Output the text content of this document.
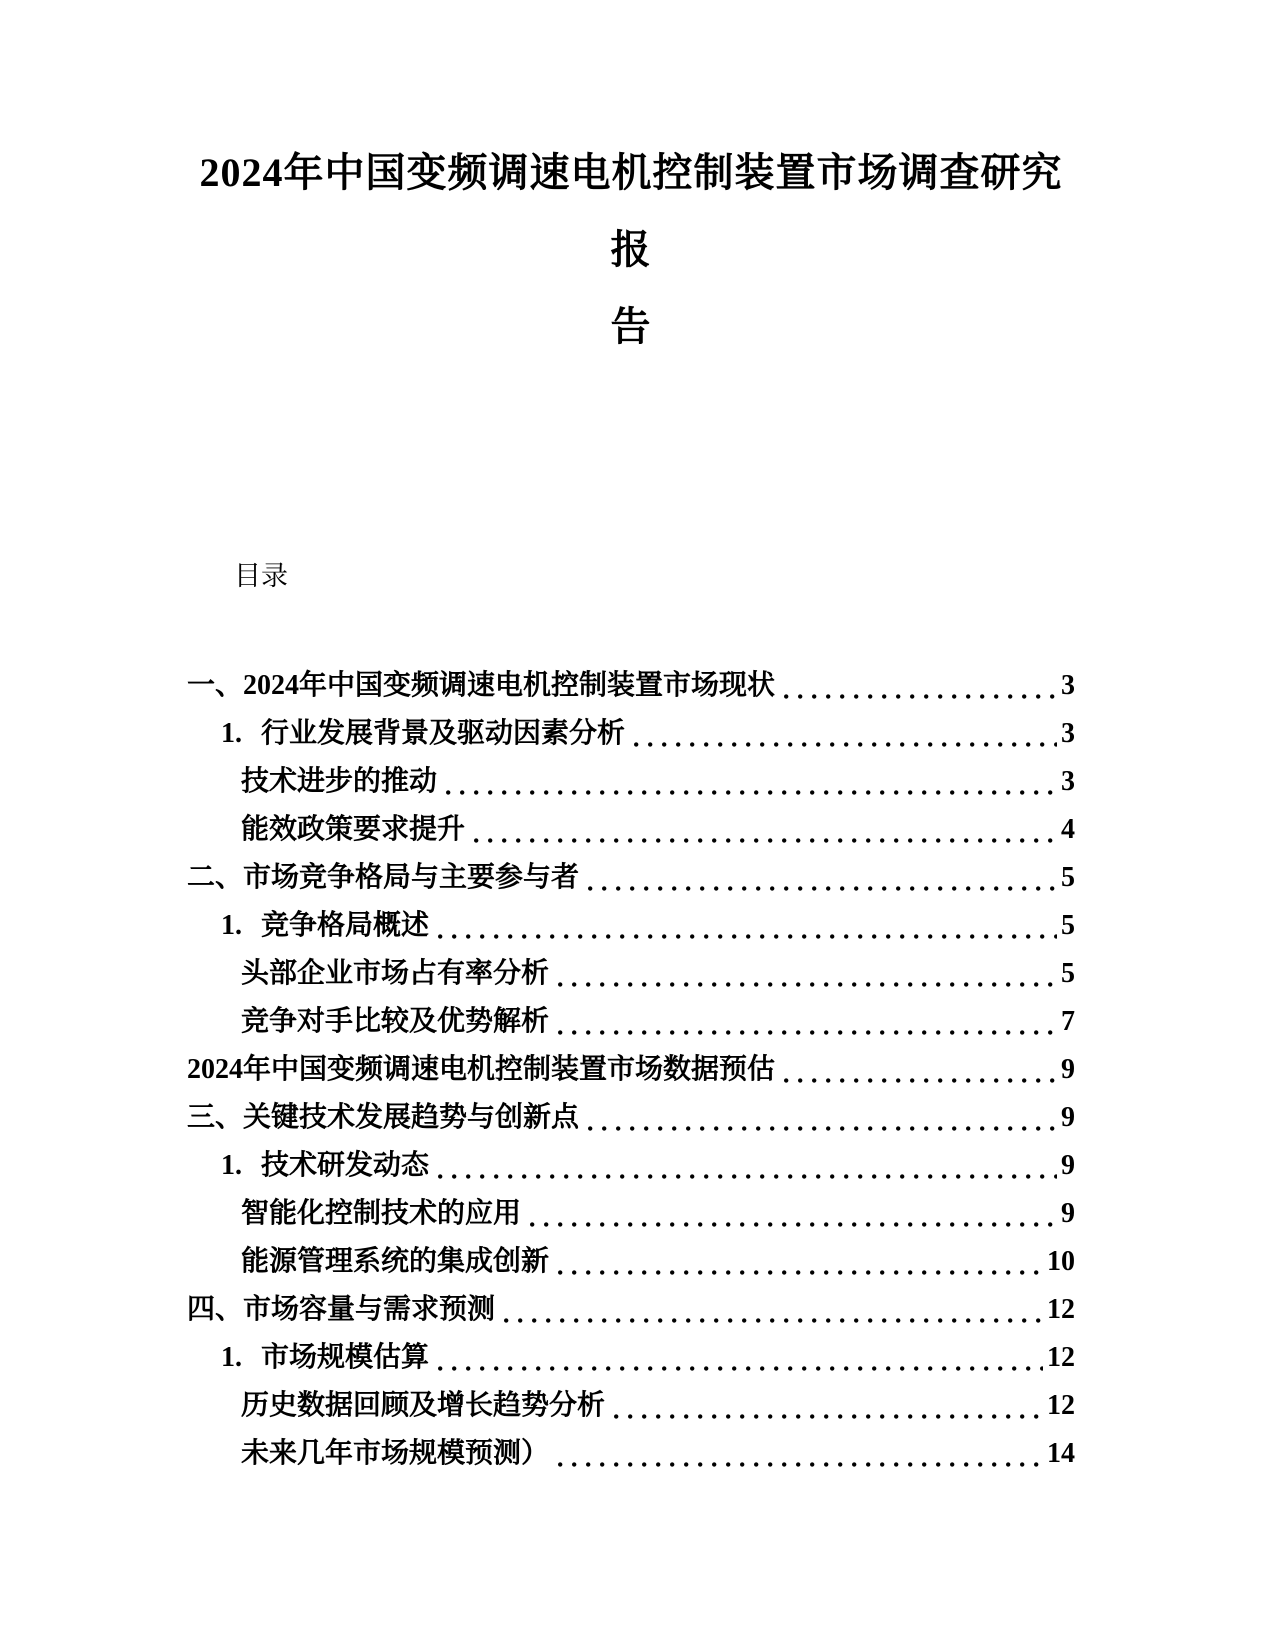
2024年中国变频调速电机控制装置市场调查研究报
告
目录
一、2024年中国变频调速电机控制装置市场现状	3
1. 行业发展背景及驱动因素分析	3
技术进步的推动	3
能效政策要求提升	4
二、市场竞争格局与主要参与者	5
1. 竞争格局概述	5
头部企业市场占有率分析	5
竞争对手比较及优势解析	7
2024年中国变频调速电机控制装置市场数据预估	9
三、关键技术发展趋势与创新点	9
1. 技术研发动态	9
智能化控制技术的应用	9
能源管理系统的集成创新	10
四、市场容量与需求预测	12
1. 市场规模估算	12
历史数据回顾及增长趋势分析	12
未来几年市场规模预测）	14
